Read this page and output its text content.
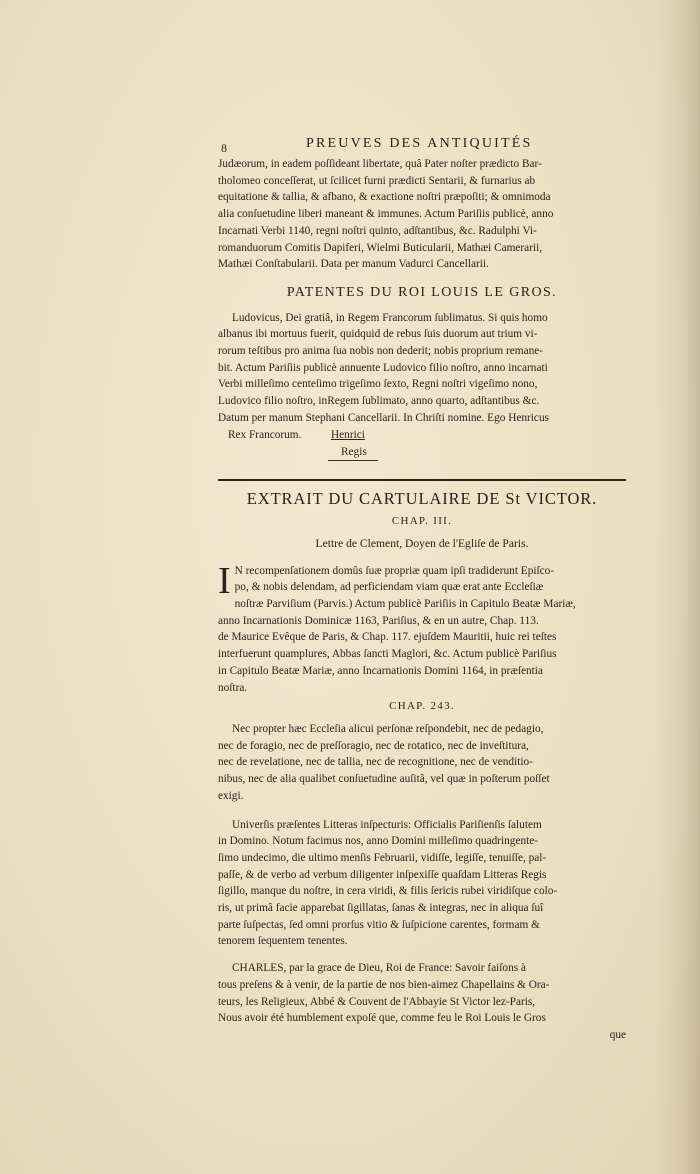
8	PREUVES DES ANTIQUITÉS

Judæorum, in eadem poſſideant libertate, quâ Pater noſter prædicto Bar-

tholomeo conceſſerat, ut ſcilicet furni prædicti Sentarii, & furnarius ab

equitatione & tallia, & afbano, & exactione noſtri præpoſiti; & omnimoda

alia conſuetudine liberi maneant & immunes. Actum Pariſiis publicè, anno

Incarnati Verbi 1140, regni noſtri quinto, adſtantibus, &c. Radulphi Vi-

romanduorum Comitis Dapiferi, Wielmi Buticularii, Mathæi Camerarii,

Mathæi Conſtabularii. Data per manum Vadurci Cancellarii.

PATENTES DU ROI LOUIS LE GROS.

Ludovicus, Dei gratiâ, in Regem Francorum ſublimatus. Si quis homo

albanus ibi mortuus fuerit, quidquid de rebus ſuis duorum aut trium vi-

rorum teſtibus pro anima ſua nobis non dederit; nobis proprium remane-

bit. Actum Pariſiis publicè annuente Ludovico filio noſtro, anno incarnati

Verbi milleſimo centeſimo trigeſimo ſexto, Regni noſtri vigeſimo nono,

Ludovico filio noſtro, inRegem ſublimato, anno quarto, adſtantibus &c.

Datum per manum Stephani Cancellarii. In Chriſti nomine. Ego Henricus

Rex Francorum.	Henrici
Regis
EXTRAIT DU CARTULAIRE DE St VICTOR.
CHAP. III.
Lettre de Clement, Doyen de l'Egliſe de Paris.
I N recompenſationem domûs ſuæ propriæ quam ipſi tradiderunt Epiſco-

po, & nobis delendam, ad perficiendam viam quæ erat ante Eccleſiæ

noſtræ Parviſium (Parvis.) Actum publicè Pariſiis in Capitulo Beatæ Mariæ,

anno Incarnationis Dominicæ 1163, Pariſius, & en un autre, Chap. 113.

de Maurice Evêque de Paris, & Chap. 117. ejuſdem Mauritii, huic rei teſtes

interfuerunt quamplures, Abbas ſancti Maglori, &c. Actum publicè Pariſius

in Capitulo Beatæ Mariæ, anno Incarnationis Domini 1164, in præſentia

noſtra.

CHAP. 243.

Nec propter hæc Eccleſia alicui perſonæ reſpondebit, nec de pedagio,

nec de foragio, nec de preſſoragio, nec de rotatico, nec de inveſtitura,

nec de revelatione, nec de tallia, nec de recognitione, nec de venditio-

nibus, nec de alia qualibet conſuetudine auſitâ, vel quæ in poſterum poſſet

exigi.

Univerſis præſentes Litteras inſpecturis: Officialis Pariſienſis ſalutem

in Domino. Notum facimus nos, anno Domini milleſimo quadringente-

ſimo undecimo, die ultimo menſis Februarii, vidiſſe, legiſſe, tenuiſſe, pal-

paſſe, & de verbo ad verbum diligenter inſpexiſſe quaſdam Litteras Regis

ſigillo, manque du noſtre, in cera viridi, & filis ſericis rubei viridiſque colo-

ris, ut primâ facie apparebat ſigillatas, ſanas & integras, nec in aliqua ſuî

parte ſuſpectas, ſed omni prorſus vitio & ſuſpicione carentes, formam &

tenorem ſequentem tenentes.

CHARLES, par la grace de Dieu, Roi de France: Savoir faiſons à

tous preſens & à venir, de la partie de nos bien-aimez Chapellains & Ora-

teurs, les Religieux, Abbé & Couvent de l'Abbayie St Victor lez-Paris,

Nous avoir été humblement expoſé que, comme feu le Roi Louis le Gros

que
